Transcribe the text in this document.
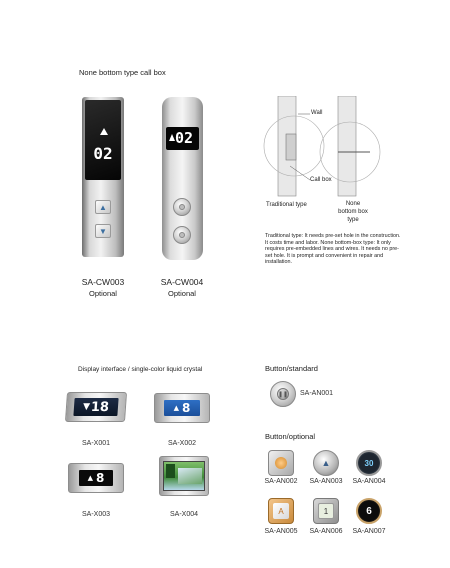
None bottom type call box
02
▲
▼
SA-CW003
Optional
02
SA-CW004
Optional
Wall
Call box
Traditional type	None bottom box type
Traditional type: It needs pre-set hole in the construction. It costs time and labor. None bottom-box type: It only requires pre-embedded lines and wires. It needs no pre-set hole. It is prompt and convenient in repair and installation.
Display interface / single-color liquid crystal
▼ 18
SA-X001
▲ 8
SA-X002
▲ 8
SA-X003	SA-X004
Button/standard
❚❚ SA-AN001
Button/optional
SA-AN002
▲
SA-AN003
30
SA-AN004
A
SA-AN005
1
SA-AN006
6
SA-AN007
